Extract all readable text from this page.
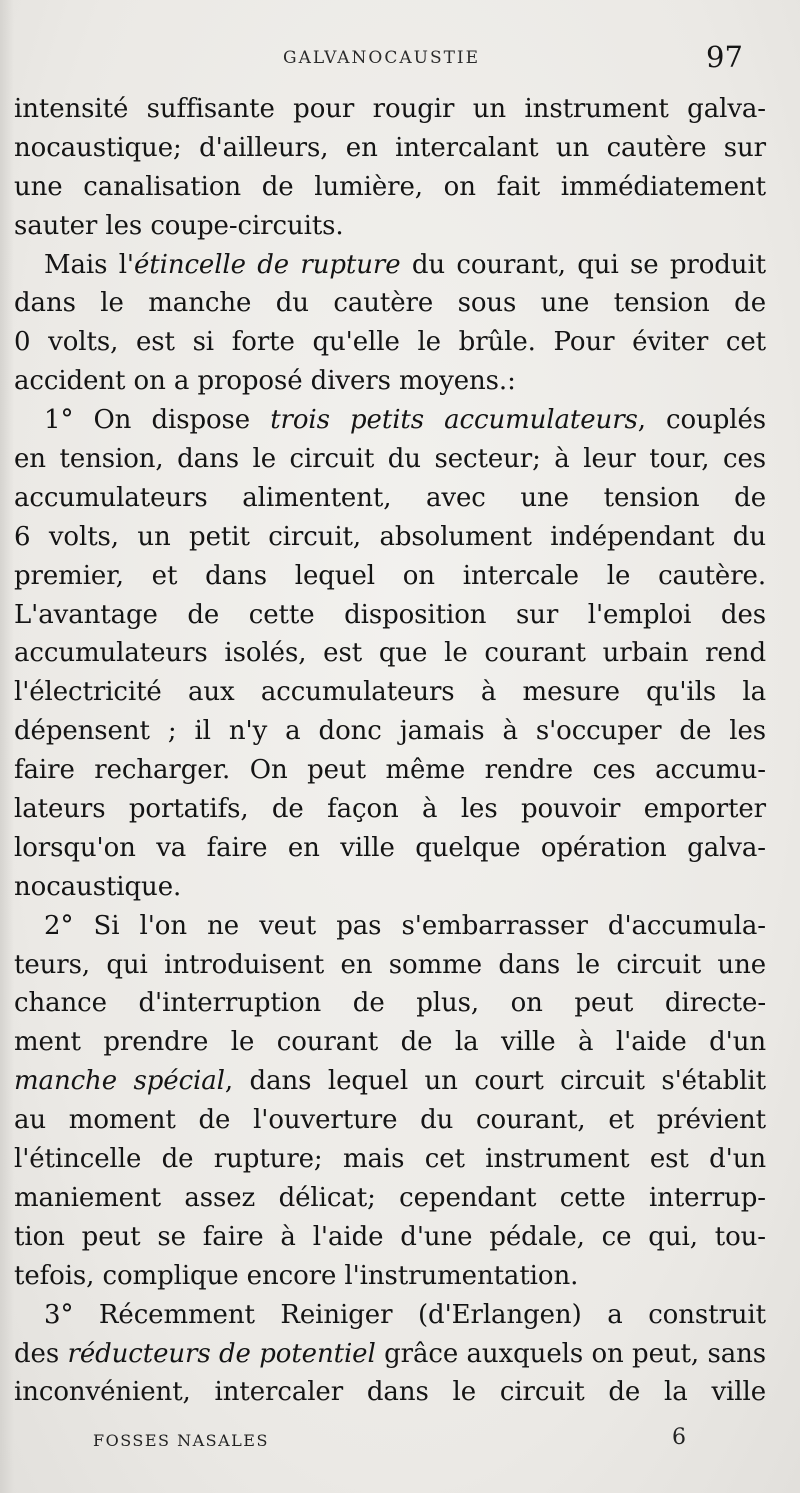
GALVANOCAUSTIE	97
intensité suffisante pour rougir un instrument galva-
nocaustique; d'ailleurs, en intercalant un cautère sur
une canalisation de lumière, on fait immédiatement
sauter les coupe-circuits.
Mais l'étincelle de rupture du courant, qui se produit
dans le manche du cautère sous une tension de
0 volts, est si forte qu'elle le brûle. Pour éviter cet
accident on a proposé divers moyens.:
1° On dispose trois petits accumulateurs, couplés
en tension, dans le circuit du secteur; à leur tour, ces
accumulateurs alimentent, avec une tension de
6 volts, un petit circuit, absolument indépendant du
premier, et dans lequel on intercale le cautère.
L'avantage de cette disposition sur l'emploi des
accumulateurs isolés, est que le courant urbain rend
l'électricité aux accumulateurs à mesure qu'ils la
dépensent ; il n'y a donc jamais à s'occuper de les
faire recharger. On peut même rendre ces accumu-
lateurs portatifs, de façon à les pouvoir emporter
lorsqu'on va faire en ville quelque opération galva-
nocaustique.
2° Si l'on ne veut pas s'embarrasser d'accumula-
teurs, qui introduisent en somme dans le circuit une
chance d'interruption de plus, on peut directe-
ment prendre le courant de la ville à l'aide d'un
manche spécial, dans lequel un court circuit s'établit
au moment de l'ouverture du courant, et prévient
l'étincelle de rupture; mais cet instrument est d'un
maniement assez délicat; cependant cette interrup-
tion peut se faire à l'aide d'une pédale, ce qui, tou-
tefois, complique encore l'instrumentation.
3° Récemment Reiniger (d'Erlangen) a construit
des réducteurs de potentiel grâce auxquels on peut, sans
inconvénient, intercaler dans le circuit de la ville
FOSSES NASALES	6
